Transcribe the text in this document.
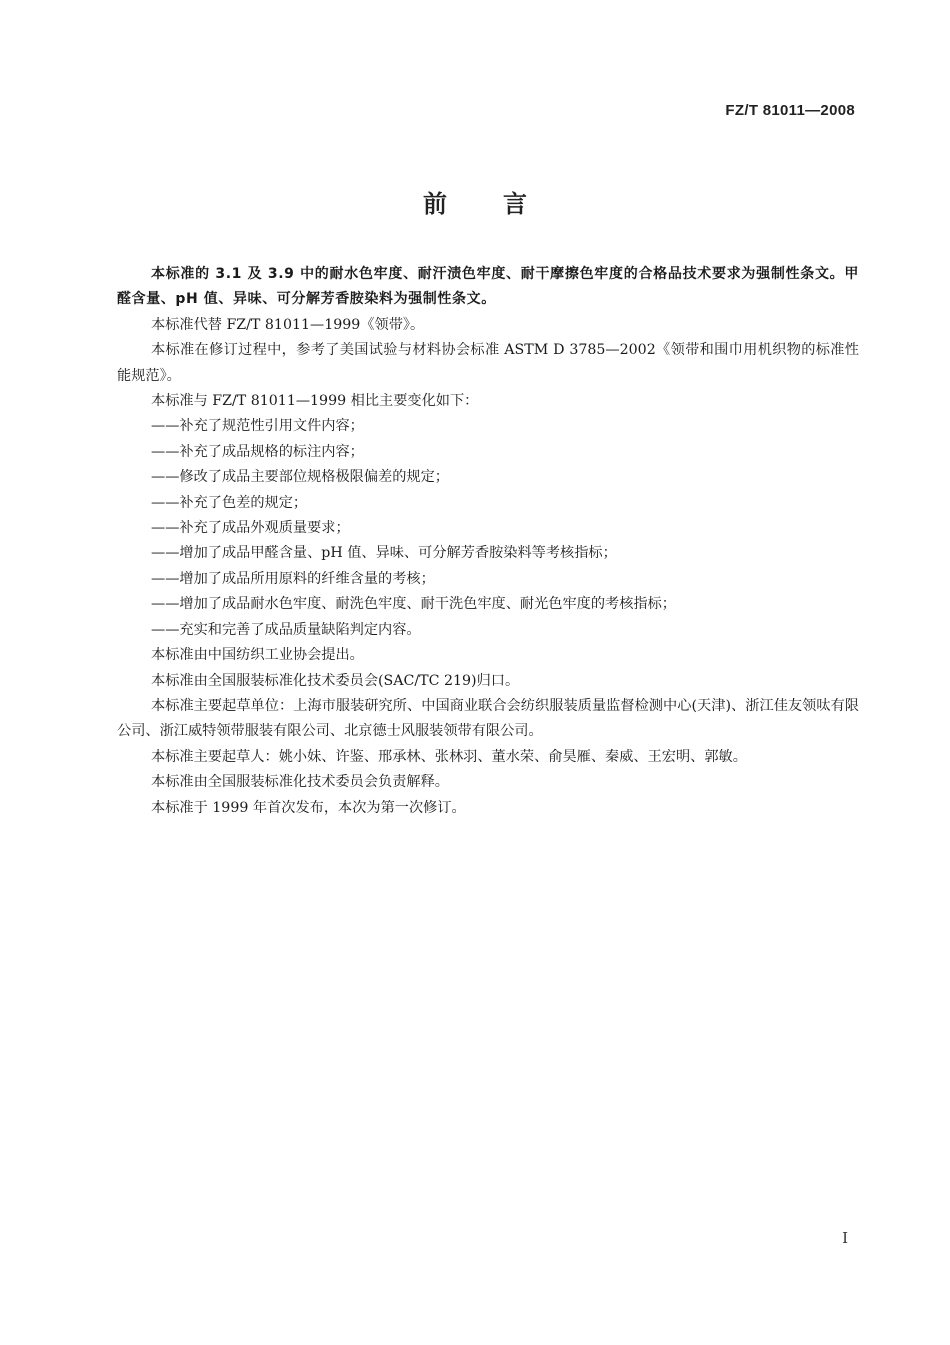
FZ/T 81011—2008
前言

本标准的 3.1 及 3.9 中的耐水色牢度、耐汗渍色牢度、耐干摩擦色牢度的合格品技术要求为强制性条文。甲醛含量、pH 值、异味、可分解芳香胺染料为强制性条文。

本标准代替 FZ/T 81011—1999《领带》。

本标准在修订过程中，参考了美国试验与材料协会标准 ASTM D 3785—2002《领带和围巾用机织物的标准性能规范》。

本标准与 FZ/T 81011—1999 相比主要变化如下：

——补充了规范性引用文件内容；
——补充了成品规格的标注内容；
——修改了成品主要部位规格极限偏差的规定；
——补充了色差的规定；
——补充了成品外观质量要求；
——增加了成品甲醛含量、pH 值、异味、可分解芳香胺染料等考核指标；
——增加了成品所用原料的纤维含量的考核；
——增加了成品耐水色牢度、耐洗色牢度、耐干洗色牢度、耐光色牢度的考核指标；
——充实和完善了成品质量缺陷判定内容。

本标准由中国纺织工业协会提出。

本标准由全国服装标准化技术委员会(SAC/TC 219)归口。

本标准主要起草单位：上海市服装研究所、中国商业联合会纺织服装质量监督检测中心(天津)、浙江佳友领呔有限公司、浙江威特领带服装有限公司、北京德士风服装领带有限公司。

本标准主要起草人：姚小妹、许鉴、邢承林、张林羽、董水荣、俞昊雁、秦威、王宏明、郭敏。

本标准由全国服装标准化技术委员会负责解释。

本标准于 1999 年首次发布，本次为第一次修订。

I
